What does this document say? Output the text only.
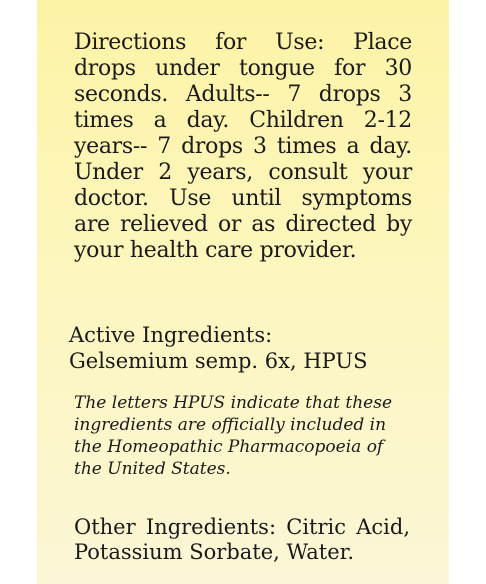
Directions for Use: Place drops under tongue for 30 seconds. Adults-- 7 drops 3 times a day. Children 2-12 years-- 7 drops 3 times a day. Under 2 years, consult your doctor. Use until symptoms are relieved or as directed by your health care provider.

Active Ingredients:

Gelsemium semp. 6x, HPUS

The letters HPUS indicate that these ingredients are officially included in the Homeopathic Pharmacopoeia of the United States.

Other Ingredients: Citric Acid, Potassium Sorbate, Water.
